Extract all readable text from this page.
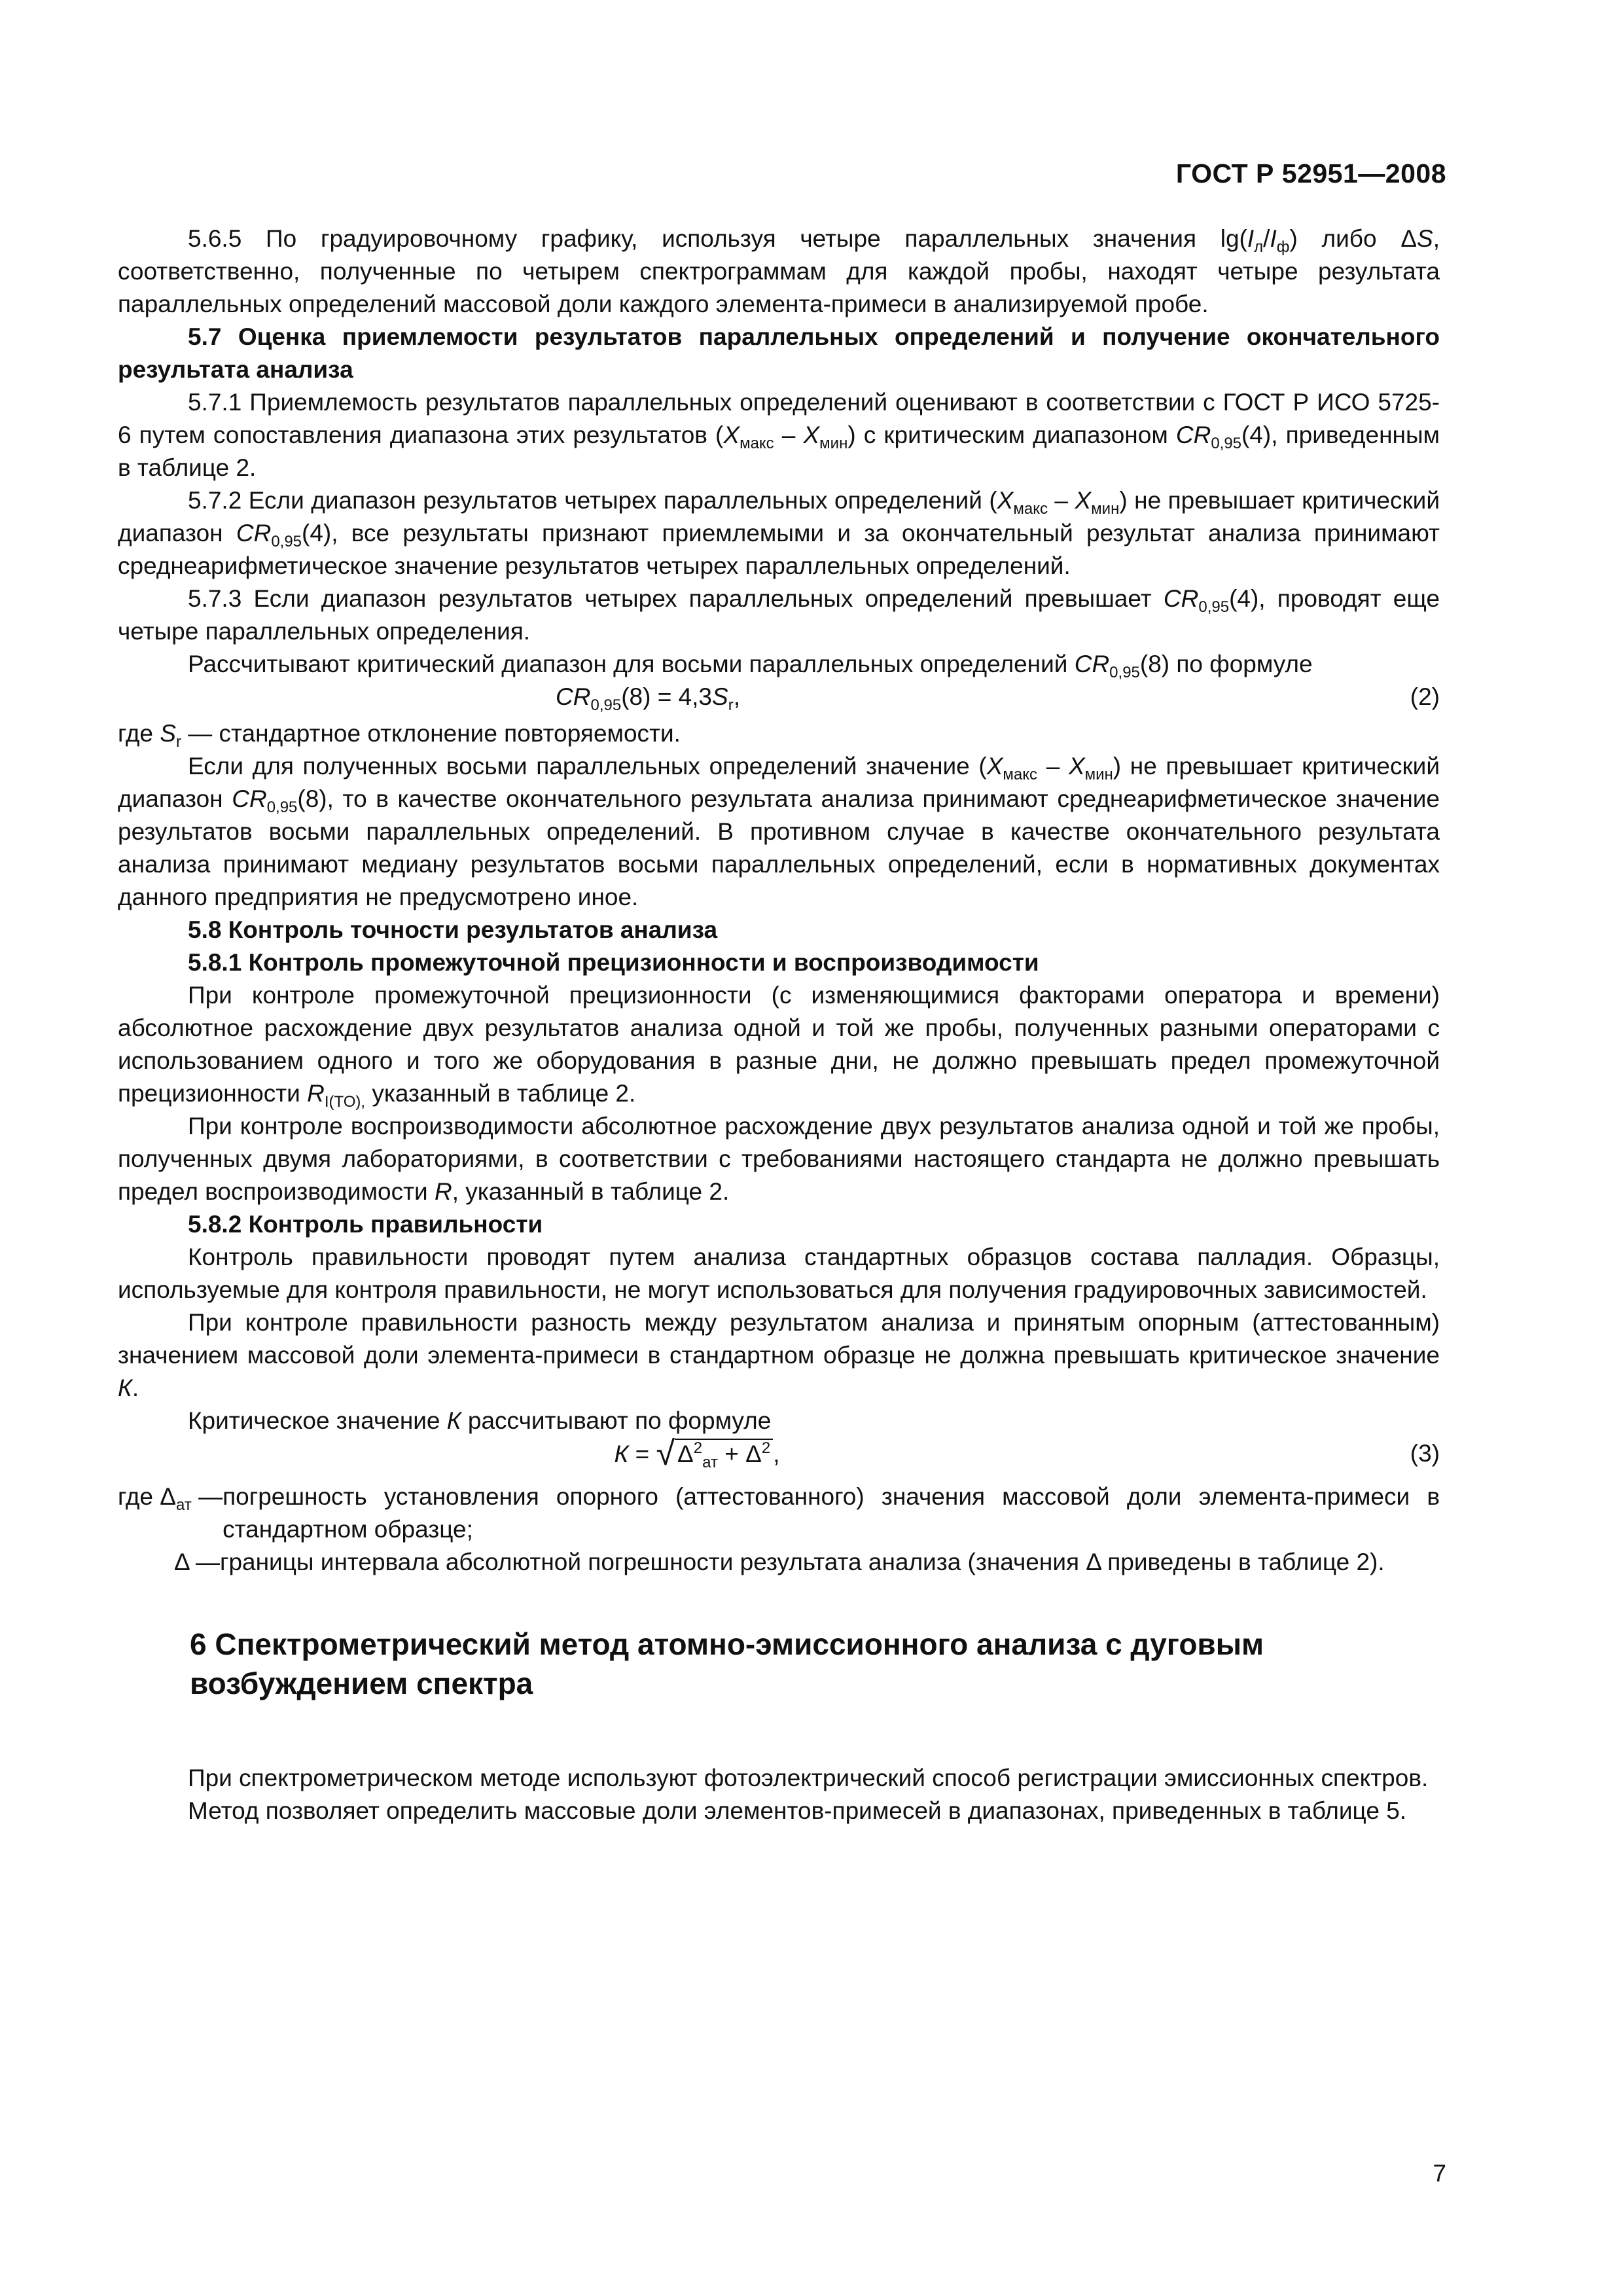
ГОСТ Р 52951—2008

5.6.5 По градуировочному графику, используя четыре параллельных значения $\lg(I_л/I_ф)$ либо ΔS, соответственно, полученные по четырем спектрограммам для каждой пробы, находят четыре результата параллельных определений массовой доли каждого элемента-примеси в анализируемой пробе.

5.7 Оценка приемлемости результатов параллельных определений и получение окончательного результата анализа

5.7.1 Приемлемость результатов параллельных определений оценивают в соответствии с ГОСТ Р ИСО 5725-6 путем сопоставления диапазона этих результатов $(X_{макс} - X_{мин})$ с критическим диапазоном $CR_{0,95}(4)$, приведенным в таблице 2.

5.7.2 Если диапазон результатов четырех параллельных определений $(X_{макс} - X_{мин})$ не превышает критический диапазон $CR_{0,95}(4)$, все результаты признают приемлемыми и за окончательный результат анализа принимают среднеарифметическое значение результатов четырех параллельных определений.

5.7.3 Если диапазон результатов четырех параллельных определений превышает $CR_{0,95}(4)$, проводят еще четыре параллельных определения.

Рассчитывают критический диапазон для восьми параллельных определений $CR_{0,95}(8)$ по формуле

$CR_{0,95}(8) = 4,3S_r$,	(2)

где $S_r$ — стандартное отклонение повторяемости.

Если для полученных восьми параллельных определений значение $(X_{макс} - X_{мин})$ не превышает критический диапазон $CR_{0,95}(8)$, то в качестве окончательного результата анализа принимают среднеарифметическое значение результатов восьми параллельных определений. В противном случае в качестве окончательного результата анализа принимают медиану результатов восьми параллельных определений, если в нормативных документах данного предприятия не предусмотрено иное.

5.8 Контроль точности результатов анализа

5.8.1 Контроль промежуточной прецизионности и воспроизводимости

При контроле промежуточной прецизионности (с изменяющимися факторами оператора и времени) абсолютное расхождение двух результатов анализа одной и той же пробы, полученных разными операторами с использованием одного и того же оборудования в разные дни, не должно превышать предел промежуточной прецизионности $R_{I(TO),}$ указанный в таблице 2.

При контроле воспроизводимости абсолютное расхождение двух результатов анализа одной и той же пробы, полученных двумя лабораториями, в соответствии с требованиями настоящего стандарта не должно превышать предел воспроизводимости R, указанный в таблице 2.

5.8.2 Контроль правильности

Контроль правильности проводят путем анализа стандартных образцов состава палладия. Образцы, используемые для контроля правильности, не могут использоваться для получения градуировочных зависимостей.

При контроле правильности разность между результатом анализа и принятым опорным (аттестованным) значением массовой доли элемента-примеси в стандартном образце не должна превышать критическое значение К.

Критическое значение К рассчитывают по формуле

К = √ $\Delta^2_{ат} + \Delta^2$ ,	(3)
где $\Delta_{ат}$ — погрешность установления опорного (аттестованного) значения массовой доли элемента-примеси в стандартном образце;
Δ — границы интервала абсолютной погрешности результата анализа (значения Δ приведены в таблице 2).
6 Спектрометрический метод атомно-эмиссионного анализа с дуговым возбуждением спектра

При спектрометрическом методе используют фотоэлектрический способ регистрации эмиссионных спектров.

Метод позволяет определить массовые доли элементов-примесей в диапазонах, приведенных в таблице 5.

7
